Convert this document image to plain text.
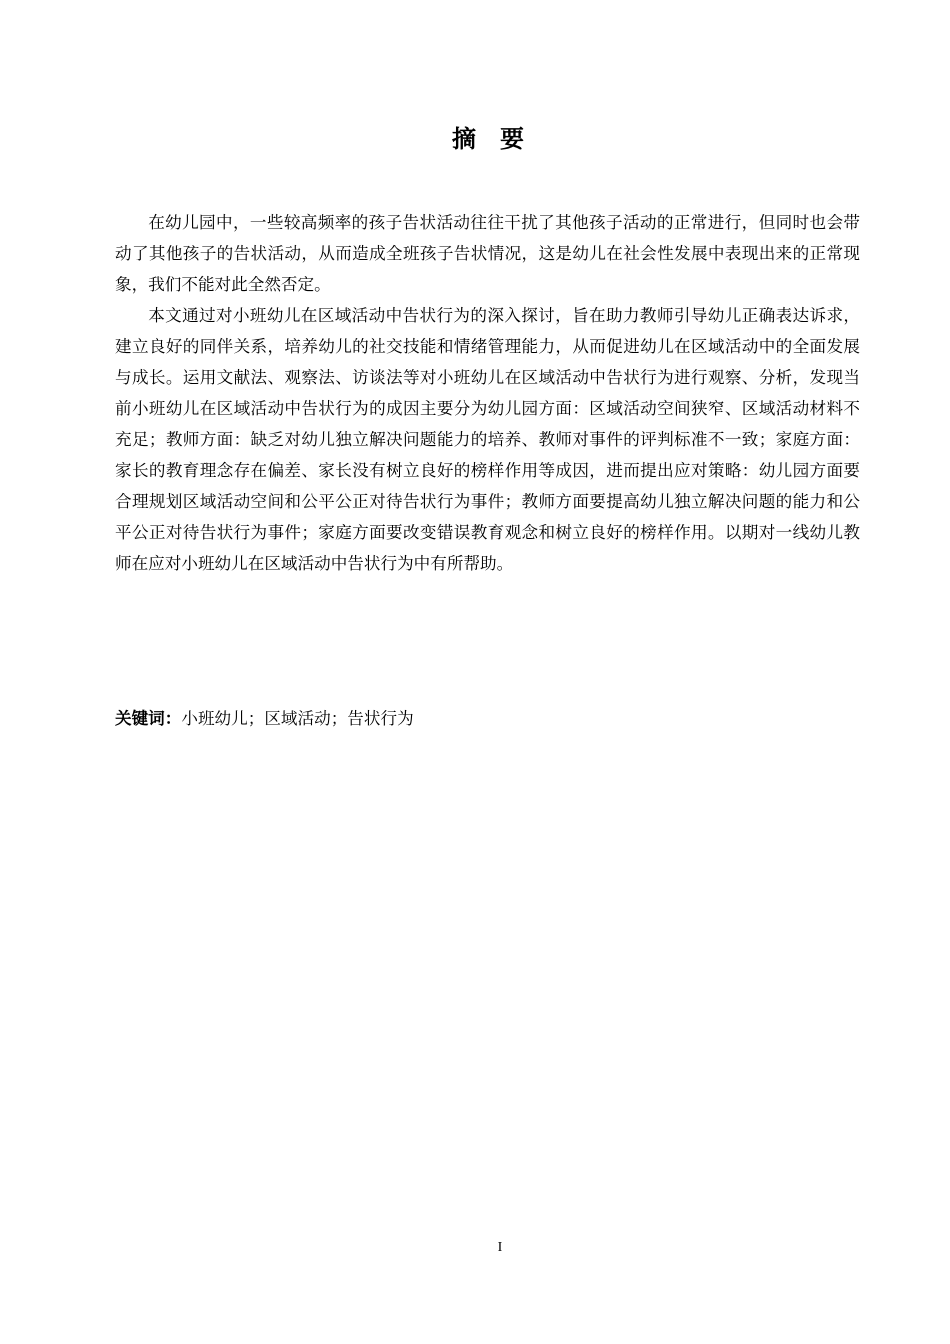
摘 要

在幼儿园中，一些较高频率的孩子告状活动往往干扰了其他孩子活动的正常进行，但同时也会带动了其他孩子的告状活动，从而造成全班孩子告状情况，这是幼儿在社会性发展中表现出来的正常现象，我们不能对此全然否定。

本文通过对小班幼儿在区域活动中告状行为的深入探讨，旨在助力教师引导幼儿正确表达诉求，建立良好的同伴关系，培养幼儿的社交技能和情绪管理能力，从而促进幼儿在区域活动中的全面发展与成长。运用文献法、观察法、访谈法等对小班幼儿在区域活动中告状行为进行观察、分析，发现当前小班幼儿在区域活动中告状行为的成因主要分为幼儿园方面：区域活动空间狭窄、区域活动材料不充足；教师方面：缺乏对幼儿独立解决问题能力的培养、教师对事件的评判标准不一致；家庭方面：家长的教育理念存在偏差、家长没有树立良好的榜样作用等成因，进而提出应对策略：幼儿园方面要合理规划区域活动空间和公平公正对待告状行为事件；教师方面要提高幼儿独立解决问题的能力和公平公正对待告状行为事件；家庭方面要改变错误教育观念和树立良好的榜样作用。以期对一线幼儿教师在应对小班幼儿在区域活动中告状行为中有所帮助。

关键词：小班幼儿；区域活动；告状行为
I
